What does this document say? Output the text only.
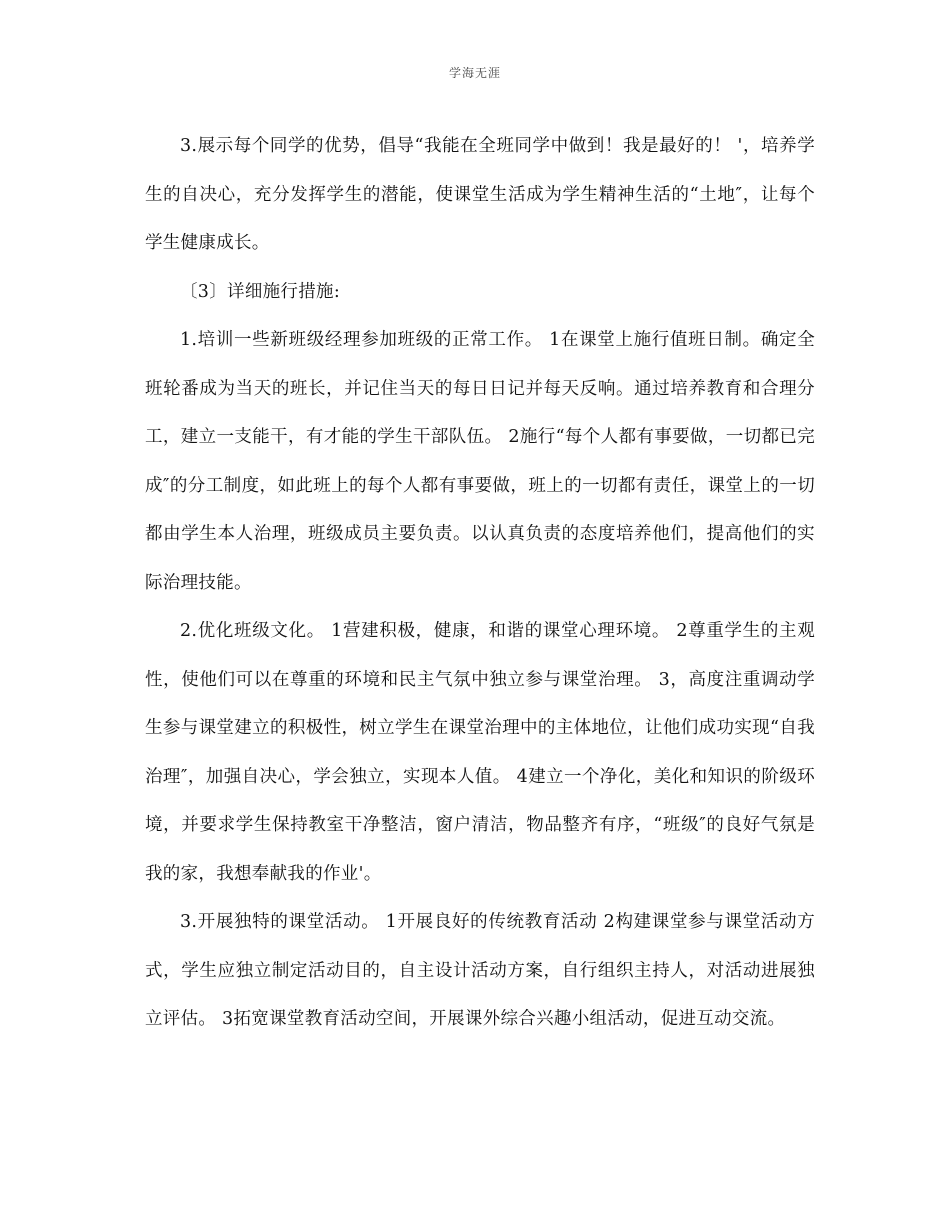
学海无涯

3.展示每个同学的优势，倡导“我能在全班同学中做到！我是最好的！ '，培养学生的自决心，充分发挥学生的潜能，使课堂生活成为学生精神生活的“土地″，让每个学生健康成长。

〔3〕详细施行措施:

1.培训一些新班级经理参加班级的正常工作。 1在课堂上施行值班日制。确定全班轮番成为当天的班长，并记住当天的每日日记并每天反响。通过培养教育和合理分工，建立一支能干，有才能的学生干部队伍。 2施行“每个人都有事要做，一切都已完成″的分工制度，如此班上的每个人都有事要做，班上的一切都有责任，课堂上的一切都由学生本人治理，班级成员主要负责。以认真负责的态度培养他们，提高他们的实际治理技能。

2.优化班级文化。 1营建积极，健康，和谐的课堂心理环境。 2尊重学生的主观性，使他们可以在尊重的环境和民主气氛中独立参与课堂治理。 3，高度注重调动学生参与课堂建立的积极性，树立学生在课堂治理中的主体地位，让他们成功实现“自我治理″，加强自决心，学会独立，实现本人值。 4建立一个净化，美化和知识的阶级环境，并要求学生保持教室干净整洁，窗户清洁，物品整齐有序，“班级″的良好气氛是我的家，我想奉献我的作业'。

3.开展独特的课堂活动。 1开展良好的传统教育活动 2构建课堂参与课堂活动方式，学生应独立制定活动目的，自主设计活动方案，自行组织主持人，对活动进展独立评估。 3拓宽课堂教育活动空间，开展课外综合兴趣小组活动，促进互动交流。
